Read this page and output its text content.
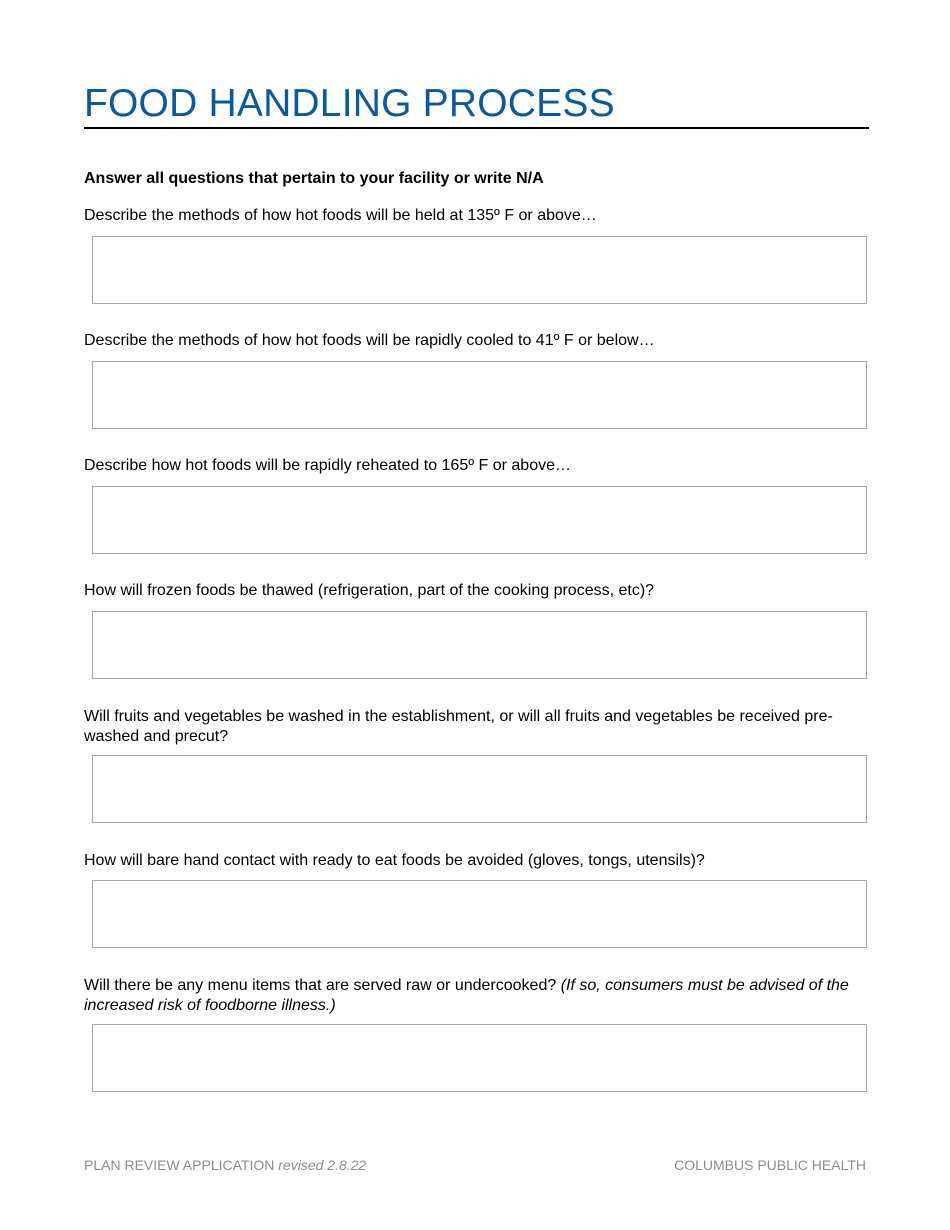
FOOD HANDLING PROCESS

Answer all questions that pertain to your facility or write N/A

Describe the methods of how hot foods will be held at 135º F or above…

Describe the methods of how hot foods will be rapidly cooled to 41º F or below…

Describe how hot foods will be rapidly reheated to 165º F or above…

How will frozen foods be thawed (refrigeration, part of the cooking process, etc)?

Will fruits and vegetables be washed in the establishment, or will all fruits and vegetables be received pre-washed and precut?

How will bare hand contact with ready to eat foods be avoided (gloves, tongs, utensils)?

Will there be any menu items that are served raw or undercooked? (If so, consumers must be advised of the increased risk of foodborne illness.)

PLAN REVIEW APPLICATION revised 2.8.22	COLUMBUS PUBLIC HEALTH
